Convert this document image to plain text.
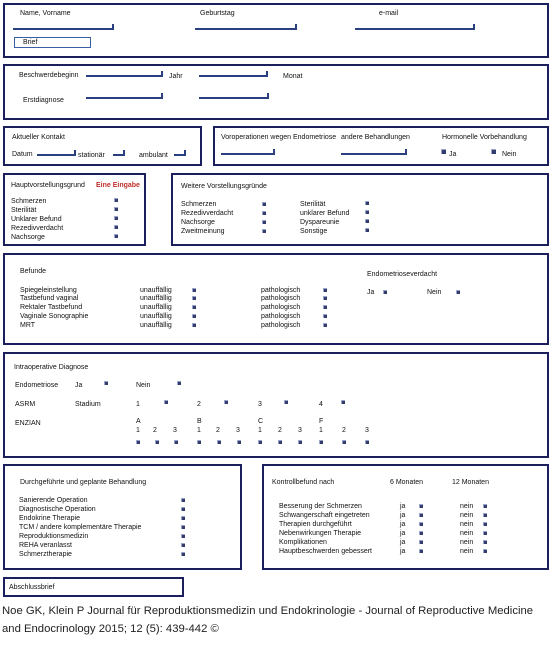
Name, Vorname	Geburtstag	e-mail
Brief
Beschwerdebeginn	Jahr	Monat
Erstdiagnose
Aktueller Kontakt
Datum	stationär	ambulant
Voroperationen wegen Endometriose andere Behandlungen	Hormonelle Vorbehandlung
Ja	Nein
Hauptvorstellungsgrund Eine Eingabe
Schmerzen
Sterilität
Unklarer Befund
Rezedivverdacht
Nachsorge
Weitere Vorstellungsgründe
Schmerzen
Rezedivverdacht
Nachsorge
Zweitmeinung
Sterilität
unklarer Befund
Dyspareunie
Sonstige
Befunde
Spiegeleinstellung	unauffällig	pathologisch
Tastbefund vaginal	unauffällig	pathologisch
Rektaler Tastbefund	unauffällig	pathologisch
Vaginale Sonographie	unauffällig	pathologisch
MRT	unauffällig	pathologisch
Endometrioseverdacht
Ja	Nein
Intraoperative Diagnose
Endometriose Ja	Nein
ASRM	Stadium	1	2	3	4
ENZIAN	A
1 2 3
B
1 2 3
C
1 2 3
F
1	2	3
Durchgeführte und geplante Behandlung
Sanierende Operation
Diagnostische Operation
Endokrine Therapie
TCM / andere komplementäre Therapie
Reproduktionsmedizin
REHA veranlasst
Schmerztherapie
Kontrollbefund nach	6 Monaten	12 Monaten
Besserung der Schmerzen	ja	nein
Schwangerschaft eingetreten	ja	nein
Therapien durchgeführt	ja	nein
Nebenwirkungen Therapie	ja	nein
Komplikationen	ja	nein
Hauptbeschwerden gebessert	ja	nein
Abschlussbrief
Noe GK, Klein P Journal für Reproduktionsmedizin und Endokrinologie - Journal of Reproductive Medicine and Endocrinology 2015; 12 (5): 439-442 ©
